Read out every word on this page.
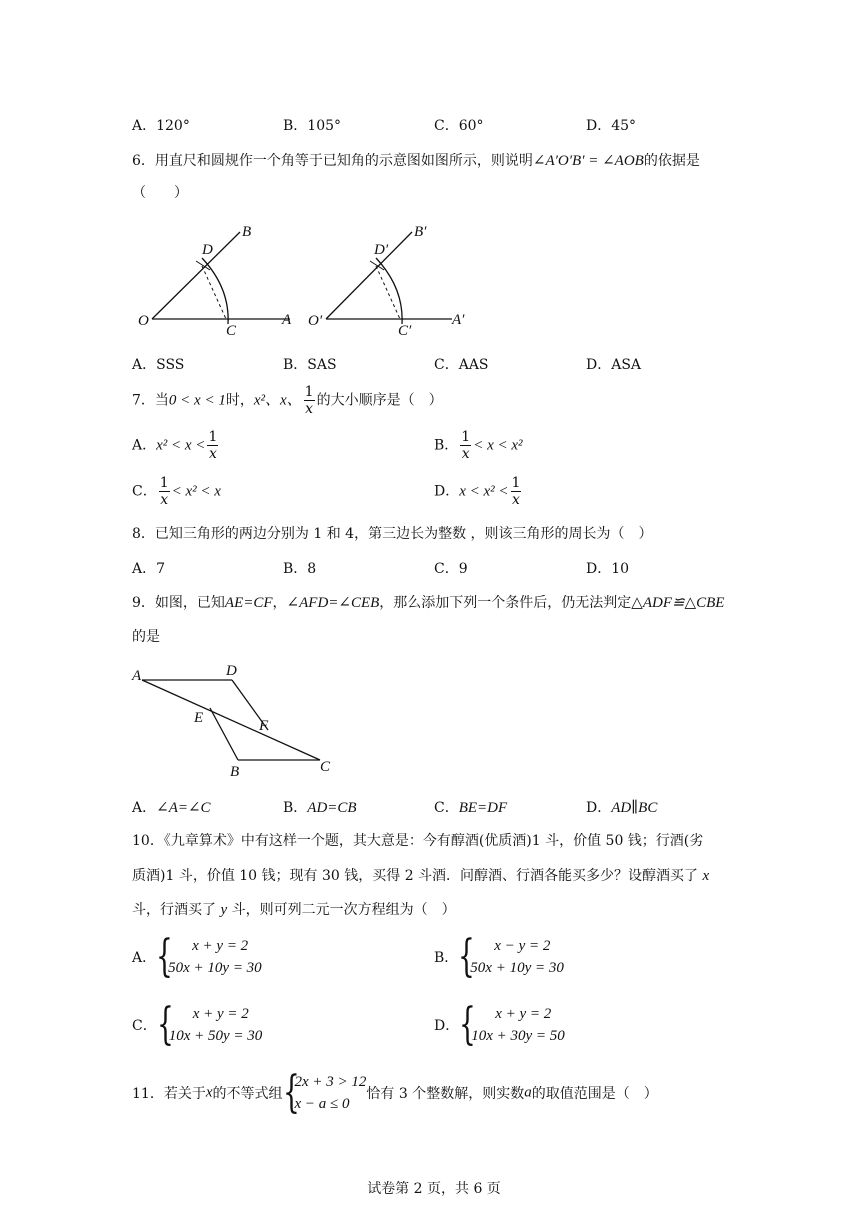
A．120°	B．105°	C．60°	D．45°
6．用直尺和圆规作一个角等于已知角的示意图如图所示，则说明∠A′O′B′ = ∠AOB的依据是
（　　）
O	A
B
C
D
O′	A′
B′
C′
D′
A．SSS	B．SAS	C．AAS	D．ASA
7．当0 < x < 1时，x²、x、 $\frac{1}{x}$ 的大小顺序是（　）
A．$x^2 < x < \frac{1}{x}$	B． $\frac{1}{x} < x < x^2$
C． $\frac{1}{x} < x^2 < x$	D．$x < x^2 < \frac{1}{x}$
8．已知三角形的两边分别为 1 和 4，第三边长为整数 ，则该三角形的周长为（　）
A．7	B．8	C．9	D．10
9．如图，已知AE=CF，∠AFD=∠CEB，那么添加下列一个条件后，仍无法判定△ADF≌△CBE
的是
A	D
E	F
B	C
A．∠A=∠C	B．AD=CB	C．BE=DF	D．AD∥BC
10．《九章算术》中有这样一个题，其大意是：今有醇酒(优质酒)1 斗，价值 50 钱；行酒(劣
质酒)1 斗，价值 10 钱；现有 30 钱，买得 2 斗酒．问醇酒、行酒各能买多少？设醇酒买了 x
斗，行酒买了 y 斗，则可列二元一次方程组为（　）
A． {	x + y = 2
50x + 10y = 30
B． {	x − y = 2
50x + 10y = 30
C． {	x + y = 2
10x + 50y = 30
D． {	x + y = 2
10x + 30y = 50
11．若关于x的不等式组 {
2x + 3 > 12
x − a ≤ 0
恰有 3 个整数解，则实数a的取值范围是（　）
试卷第 2 页，共 6 页
